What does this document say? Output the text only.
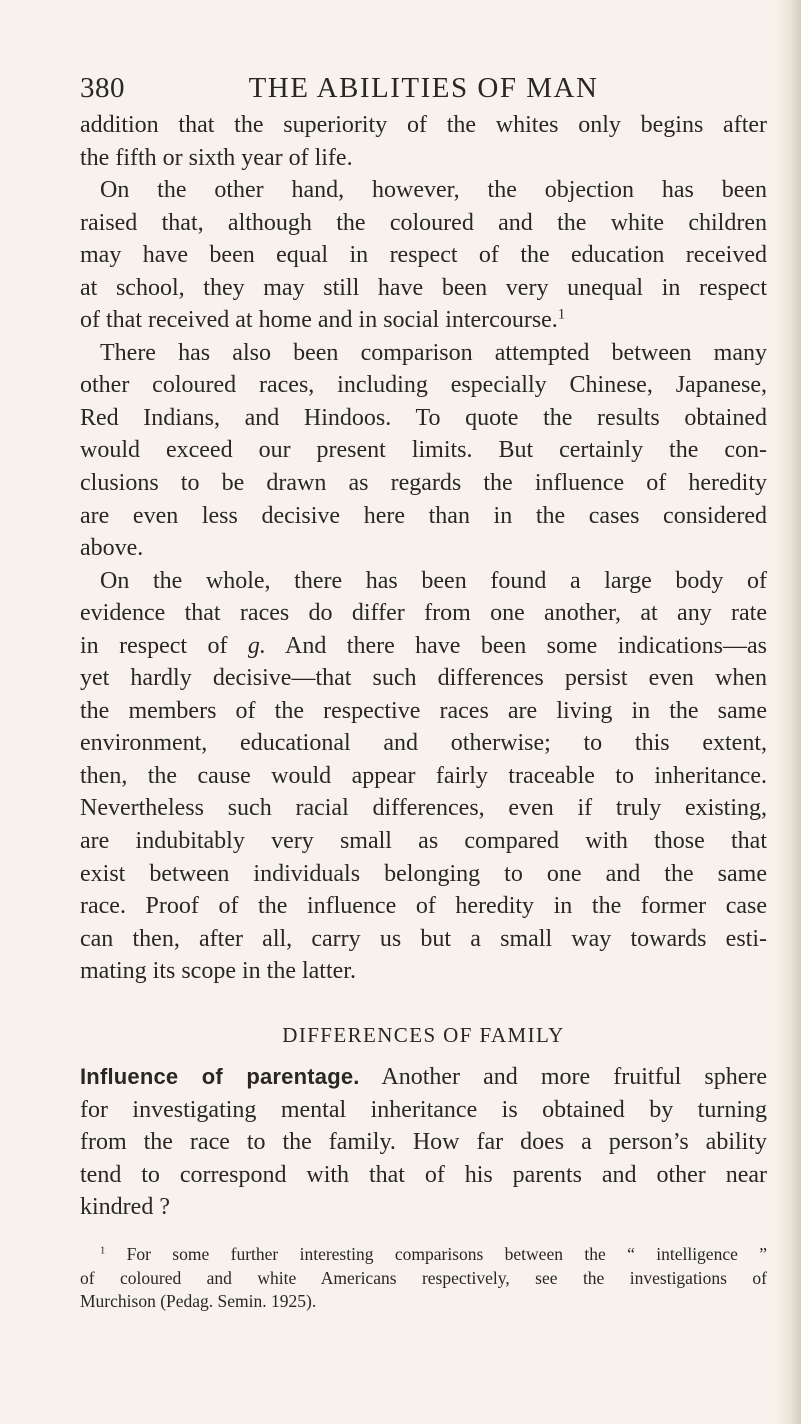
380	THE ABILITIES OF MAN
addition that the superiority of the whites only begins after
the fifth or sixth year of life.
On the other hand, however, the objection has been
raised that, although the coloured and the white children
may have been equal in respect of the education received
at school, they may still have been very unequal in respect
of that received at home and in social intercourse.$^1$
There has also been comparison attempted between many
other coloured races, including especially Chinese, Japanese,
Red Indians, and Hindoos. To quote the results obtained
would exceed our present limits. But certainly the con-
clusions to be drawn as regards the influence of heredity
are even less decisive here than in the cases considered
above.
On the whole, there has been found a large body of
evidence that races do differ from one another, at any rate
in respect of g. And there have been some indications—as
yet hardly decisive—that such differences persist even when
the members of the respective races are living in the same
environment, educational and otherwise; to this extent,
then, the cause would appear fairly traceable to inheritance.
Nevertheless such racial differences, even if truly existing,
are indubitably very small as compared with those that
exist between individuals belonging to one and the same
race. Proof of the influence of heredity in the former case
can then, after all, carry us but a small way towards esti-
mating its scope in the latter.
DIFFERENCES OF FAMILY
Influence of parentage. Another and more fruitful sphere
for investigating mental inheritance is obtained by turning
from the race to the family. How far does a person’s ability
tend to correspond with that of his parents and other near
kindred ?
$^1$ For some further interesting comparisons between the “ intelligence ”
of coloured and white Americans respectively, see the investigations of
Murchison (Pedag. Semin. 1925).
